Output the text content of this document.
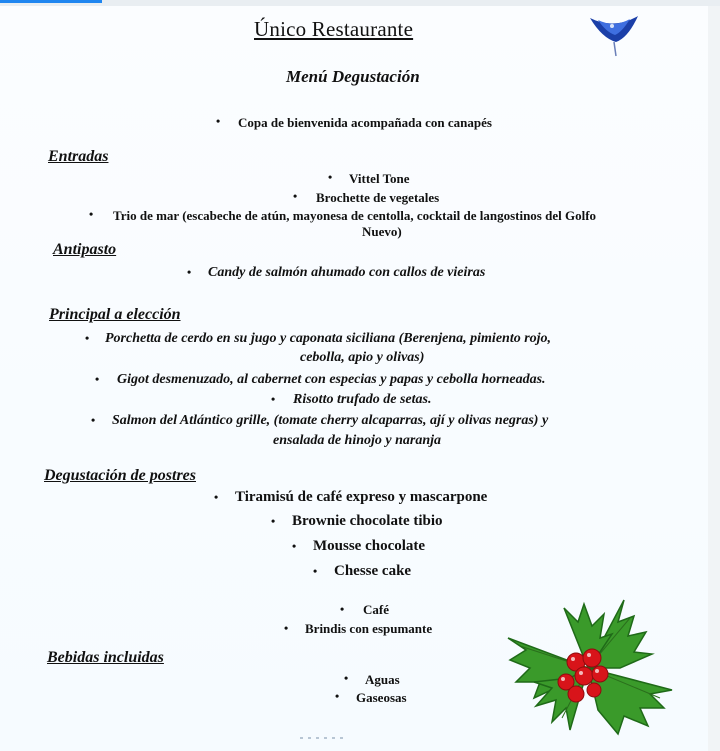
Único Restaurante
Menú Degustación
• Copa de bienvenida acompañada con canapés
Entradas
• Vittel Tone
• Brochette de vegetales
• Trio de mar (escabeche de atún, mayonesa de centolla, cocktail de langostinos del Golfo
Nuevo)
Antipasto
• Candy de salmón ahumado con callos de vieiras
Principal a elección
• Porchetta de cerdo en su jugo y caponata siciliana (Berenjena, pimiento rojo,
cebolla, apio y olivas)
• Gigot desmenuzado, al cabernet con especias y papas y cebolla horneadas.
• Risotto trufado de setas.
• Salmon del Atlántico grille, (tomate cherry alcaparras, ají y olivas negras) y
ensalada de hinojo y naranja
Degustación de postres
• Tiramisú de café expreso y mascarpone
• Brownie chocolate tibio
• Mousse chocolate
• Chesse cake
• Café
• Brindis con espumante
Bebidas incluidas
• Aguas
• Gaseosas
